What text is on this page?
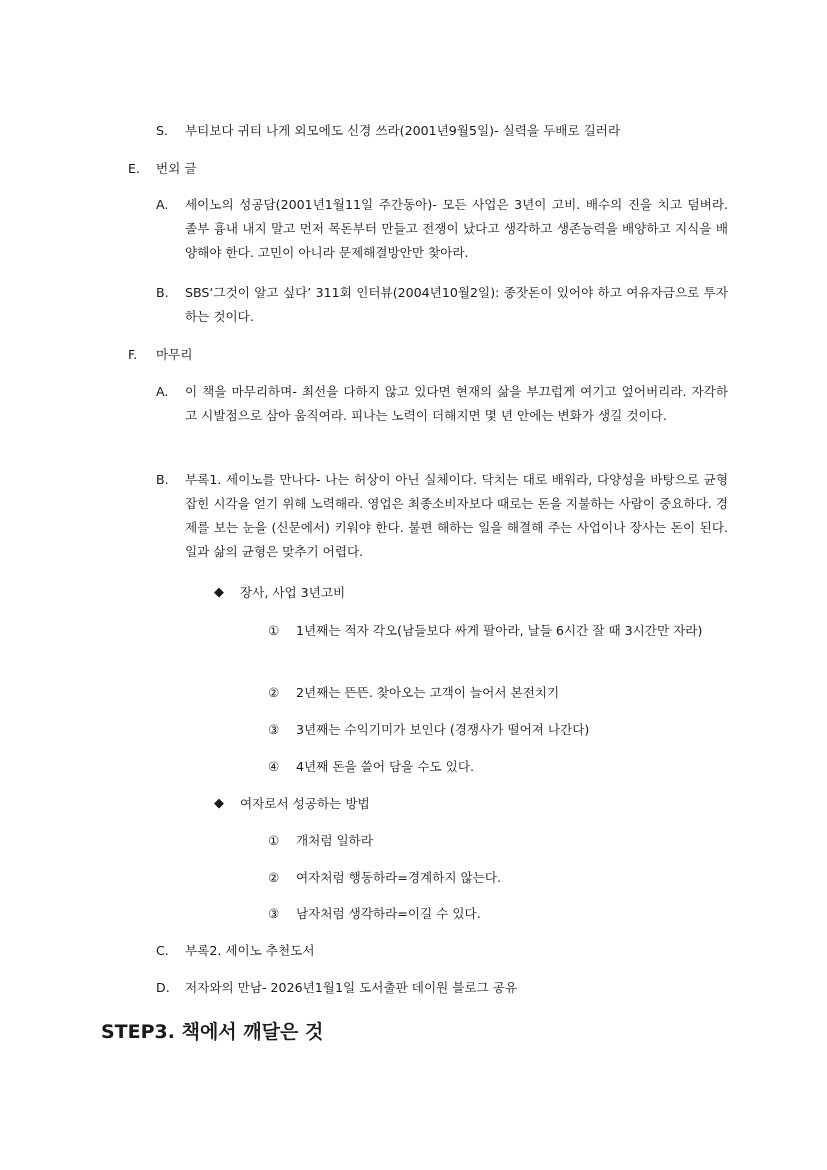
S. 부티보다 귀티 나게 외모에도 신경 쓰라(2001년9월5일)- 실력을 두배로 길러라
E. 번외 글
A. 세이노의 성공담(2001년1월11일 주간동아)- 모든 사업은 3년이 고비. 배수의 진을 치고 덤벼라. 졸부 흉내 내지 말고 먼저 목돈부터 만들고 전쟁이 났다고 생각하고 생존능력을 배양하고 지식을 배양해야 한다. 고민이 아니라 문제해결방안만 찾아라.
B. SBS‘그것이 알고 싶다’ 311회 인터뷰(2004년10월2일): 종잣돈이 있어야 하고 여유자금으로 투자하는 것이다.
F. 마무리
A. 이 책을 마무리하며- 최선을 다하지 않고 있다면 현재의 삶을 부끄럽게 여기고 엎어버리라. 자각하고 시발점으로 삼아 움직여라. 피나는 노력이 더해지면 몇 년 안에는 변화가 생길 것이다.
B. 부록1. 세이노를 만나다- 나는 허상이 아닌 실체이다. 닥치는 대로 배워라, 다양성을 바탕으로 균형 잡힌 시각을 얻기 위해 노력해라. 영업은 최종소비자보다 때로는 돈을 지불하는 사람이 중요하다. 경제를 보는 눈을 (신문에서) 키워야 한다. 불편 해하는 일을 해결해 주는 사업이나 장사는 돈이 된다. 일과 삶의 균형은 맞추기 어렵다.
◆ 장사, 사업 3년고비
① 1년째는 적자 각오(남들보다 싸게 팔아라, 날들 6시간 잘 때 3시간만 자라)
② 2년째는 뜬뜬. 찾아오는 고객이 늘어서 본전치기
③ 3년째는 수익기미가 보인다 (경쟁사가 떨어져 나간다)
④ 4년째 돈을 쓸어 담을 수도 있다.
◆ 여자로서 성공하는 방법
① 개처럼 일하라
② 여자처럼 행동하라=경계하지 않는다.
③ 남자처럼 생각하라=이길 수 있다.
C. 부록2. 세이노 추천도서
D. 저자와의 만남- 2026년1월1일 도서출판 데이원 블로그 공유
STEP3. 책에서 깨달은 것
